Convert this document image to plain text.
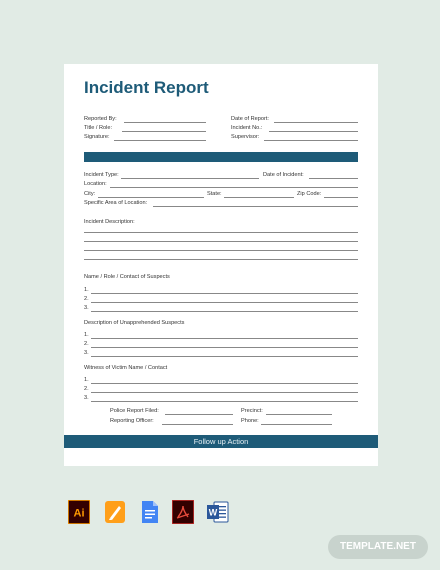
Incident Report
Reported By:
Title / Role:
Signature:
Date of Report:
Incident No.:
Supervisor:
Incident Type:	Date of Incident:
Location:
City:	State:	Zip Code:
Specific Area of Location:
Incident Description:
Name / Role / Contact of Suspects
1.
2.
3.
Description of Unapprehended Suspects
1.
2.
3.
Witness of Victim Name / Contact
1.
2.
3.
Police Report Filed:	Precinct:
Reporting Officer:	Phone:
Follow up Action
Ai	W
TEMPLATE.NET
